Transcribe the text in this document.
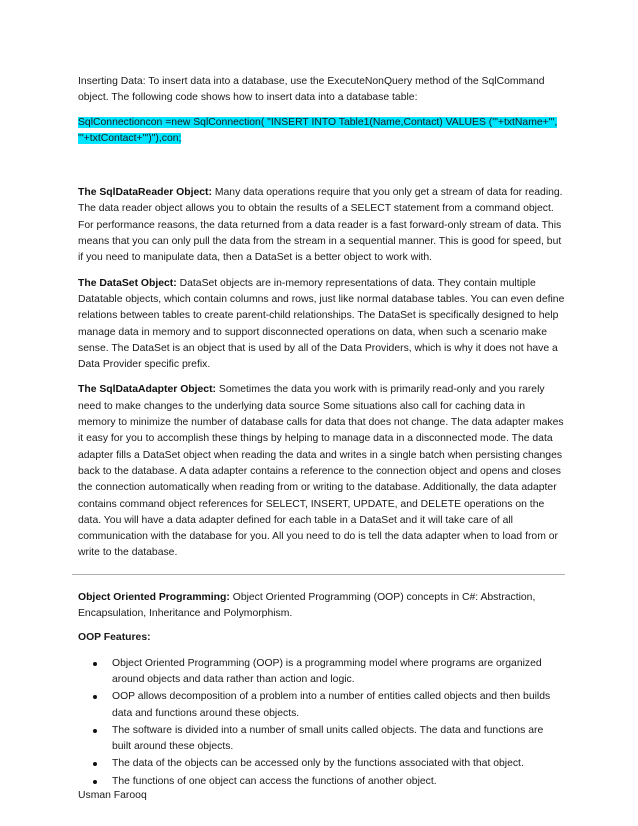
Inserting Data: To insert data into a database, use the ExecuteNonQuery method of the SqlCommand object. The following code shows how to insert data into a database table:

SqlConnectioncon =new SqlConnection( "INSERT INTO Table1(Name,Contact) VALUES ('"+txtName+"', '"+txtContact+"')"),con;

The SqlDataReader Object: Many data operations require that you only get a stream of data for reading. The data reader object allows you to obtain the results of a SELECT statement from a command object. For performance reasons, the data returned from a data reader is a fast forward-only stream of data. This means that you can only pull the data from the stream in a sequential manner. This is good for speed, but if you need to manipulate data, then a DataSet is a better object to work with.

The DataSet Object: DataSet objects are in-memory representations of data. They contain multiple Datatable objects, which contain columns and rows, just like normal database tables. You can even define relations between tables to create parent-child relationships. The DataSet is specifically designed to help manage data in memory and to support disconnected operations on data, when such a scenario make sense. The DataSet is an object that is used by all of the Data Providers, which is why it does not have a Data Provider specific prefix.

The SqlDataAdapter Object: Sometimes the data you work with is primarily read-only and you rarely need to make changes to the underlying data source Some situations also call for caching data in memory to minimize the number of database calls for data that does not change. The data adapter makes it easy for you to accomplish these things by helping to manage data in a disconnected mode. The data adapter fills a DataSet object when reading the data and writes in a single batch when persisting changes back to the database. A data adapter contains a reference to the connection object and opens and closes the connection automatically when reading from or writing to the database. Additionally, the data adapter contains command object references for SELECT, INSERT, UPDATE, and DELETE operations on the data. You will have a data adapter defined for each table in a DataSet and it will take care of all communication with the database for you. All you need to do is tell the data adapter when to load from or write to the database.

Object Oriented Programming: Object Oriented Programming (OOP) concepts in C#: Abstraction, Encapsulation, Inheritance and Polymorphism.

OOP Features:

Object Oriented Programming (OOP) is a programming model where programs are organized around objects and data rather than action and logic.
OOP allows decomposition of a problem into a number of entities called objects and then builds data and functions around these objects.
The software is divided into a number of small units called objects. The data and functions are built around these objects.
The data of the objects can be accessed only by the functions associated with that object.
The functions of one object can access the functions of another object.
Usman Farooq
